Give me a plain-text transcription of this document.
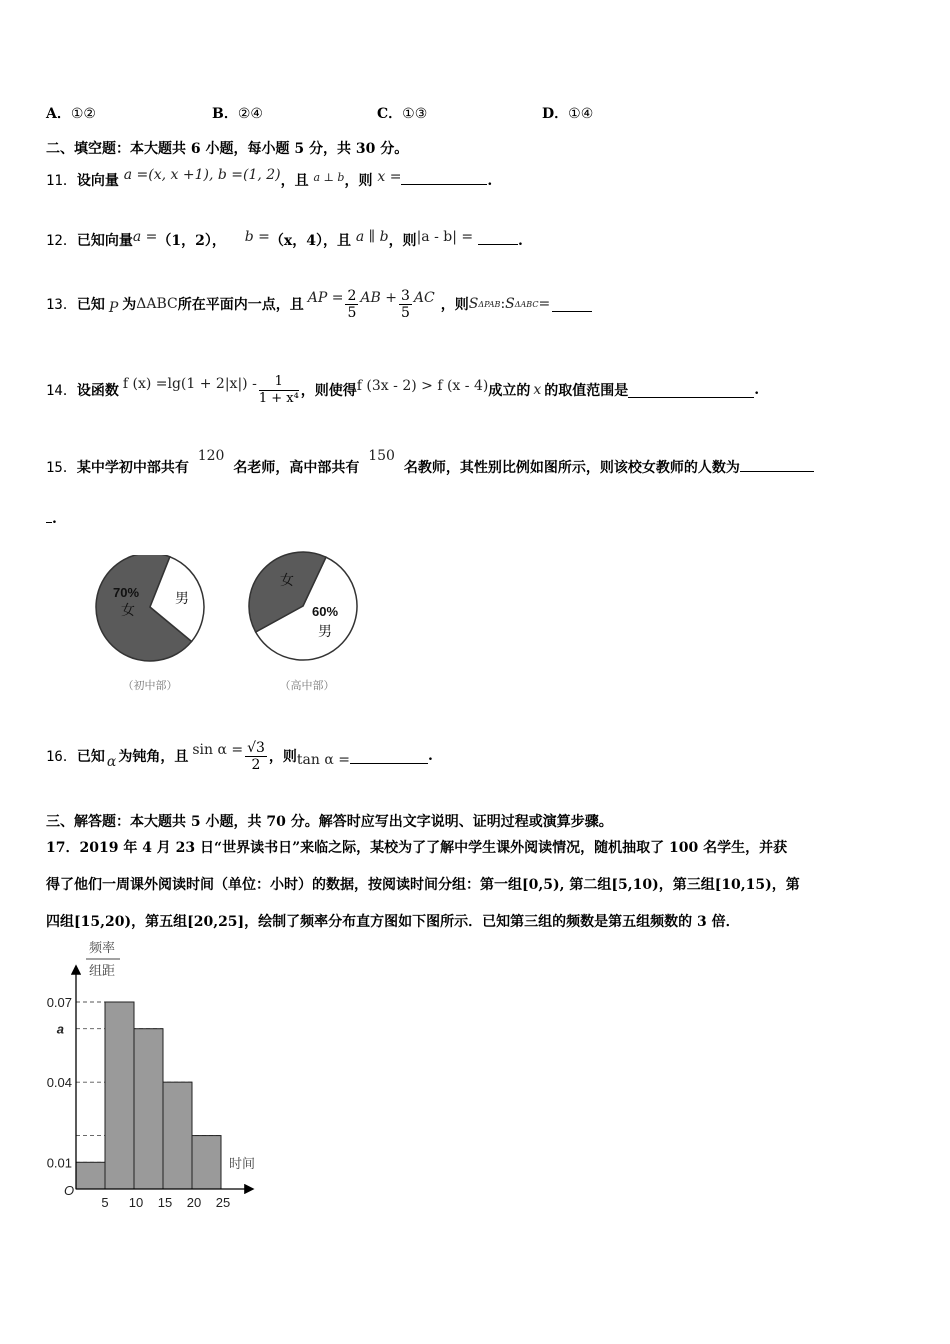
A．①②	B．②④	C．①③	D．①④
二、填空题：本大题共 6 小题，每小题 5 分，共 30 分。
11．设向量 a =(x, x +1), b =(1, 2)，且 $^{a \perp b}$，则 x =	.
12．已知向量a =（1，2）， b =（x，4），且 a ∥ b，则|a - b| =	.
13． 已知 P 为 ΔABC 所在平面内一点，且 AP = $\frac{2}{5}$ AB + $\frac{3}{5}$ AC ，则 S ΔPAB : S ΔABC =
14． 设函数 f $(x) =\lg(1 + 2|x|) - \frac{1}{\text{1 + x⁴}}$ ，则使得 f (3x - 2) > f (x - 4) 成立的 x 的取值范围是	.
15．某中学初中部共有 120 名老师，高中部共有 150 名教师，其性别比例如图所示，则该校女教师的人数为
.
70%
女
男
（初中部）
女
60%
男
（高中部）
16． 已知 α 为钝角，且 $\sin \alpha = \frac{√3}{2}$ ，则 tan α =	.
三、解答题：本大题共 5 小题，共 70 分。解答时应写出文字说明、证明过程或演算步骤。
17．2019 年 4 月 23 日“世界读书日”来临之际，某校为了了解中学生课外阅读情况，随机抽取了 100 名学生，并获
得了他们一周课外阅读时间（单位：小时）的数据，按阅读时间分组：第一组[0,5), 第二组[5,10)，第三组[10,15)，第
四组[15,20)，第五组[20,25]，绘制了频率分布直方图如下图所示．已知第三组的频数是第五组频数的 3 倍．
频率
组距
时间
O
5 10 15 20 25
0.01
0.04
a
0.07
